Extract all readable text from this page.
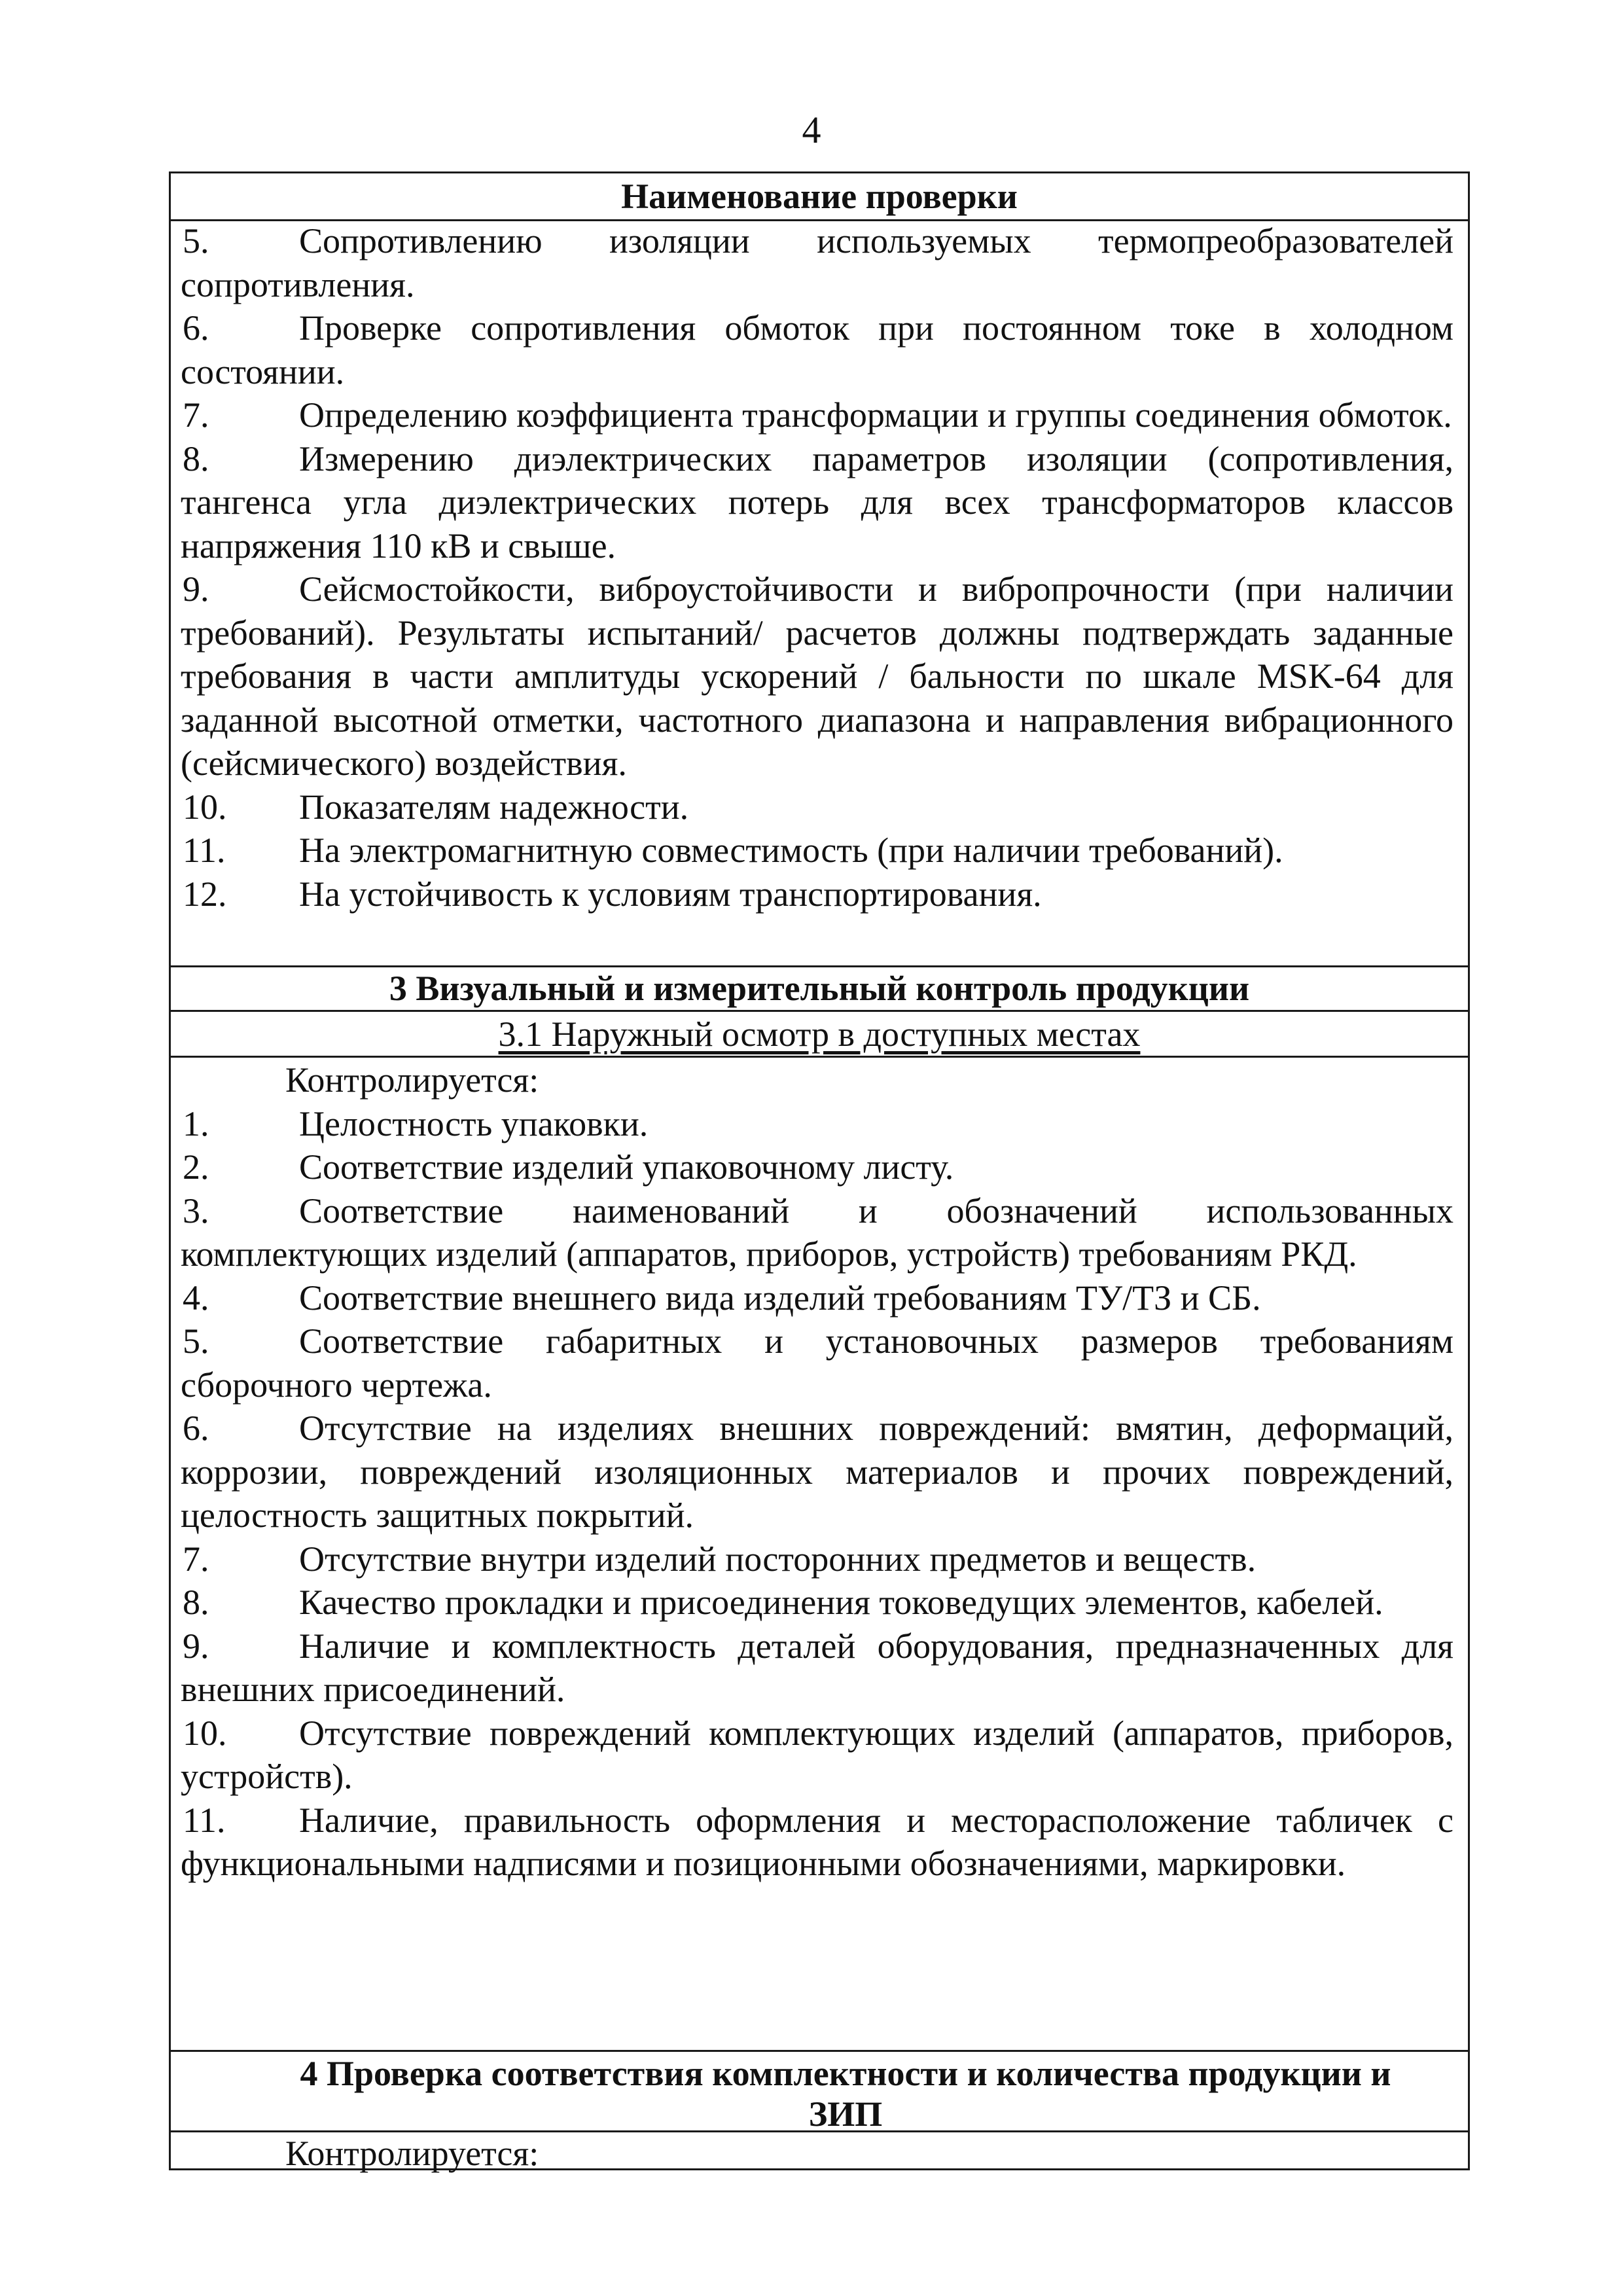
4
Наименование проверки
5.	Сопротивлению изоляции используемых термопреобразователей сопротивления.
6.	Проверке сопротивления обмоток при постоянном токе в холодном состоянии.
7.	Определению коэффициента трансформации и группы соединения обмоток.
8.	Измерению диэлектрических параметров изоляции (сопротивления, тангенса угла диэлектрических потерь для всех трансформаторов классов напряжения 110 кВ и свыше.
9.	Сейсмостойкости, виброустойчивости и вибропрочности (при наличии требований). Результаты испытаний/ расчетов должны подтверждать заданные требования в части амплитуды ускорений / бальности по шкале MSK-64 для заданной высотной отметки, частотного диапазона и направления вибрационного (сейсмического) воздействия.
10. Показателям надежности.
11. На электромагнитную совместимость (при наличии требований).
12. На устойчивость к условиям транспортирования.
3 Визуальный и измерительный контроль продукции
3.1 Наружный осмотр в доступных местах
Контролируется:
1.	Целостность упаковки.
2.	Соответствие изделий упаковочному листу.
3.	Соответствие наименований и обозначений использованных комплектующих изделий (аппаратов, приборов, устройств) требованиям РКД.
4.	Соответствие внешнего вида изделий требованиям ТУ/ТЗ и СБ.
5.	Соответствие габаритных и установочных размеров требованиям сборочного чертежа.
6.	Отсутствие на изделиях внешних повреждений: вмятин, деформаций, коррозии, повреждений изоляционных материалов и прочих повреждений, целостность защитных покрытий.
7.	Отсутствие внутри изделий посторонних предметов и веществ.
8.	Качество прокладки и присоединения токоведущих элементов, кабелей.
9.	Наличие и комплектность деталей оборудования, предназначенных для внешних присоединений.
10. Отсутствие повреждений комплектующих изделий (аппаратов, приборов, устройств).
11. Наличие, правильность оформления и месторасположение табличек с функциональными надписями и позиционными обозначениями, маркировки.
4 Проверка соответствия комплектности и количества продукции и ЗИП
Контролируется:
